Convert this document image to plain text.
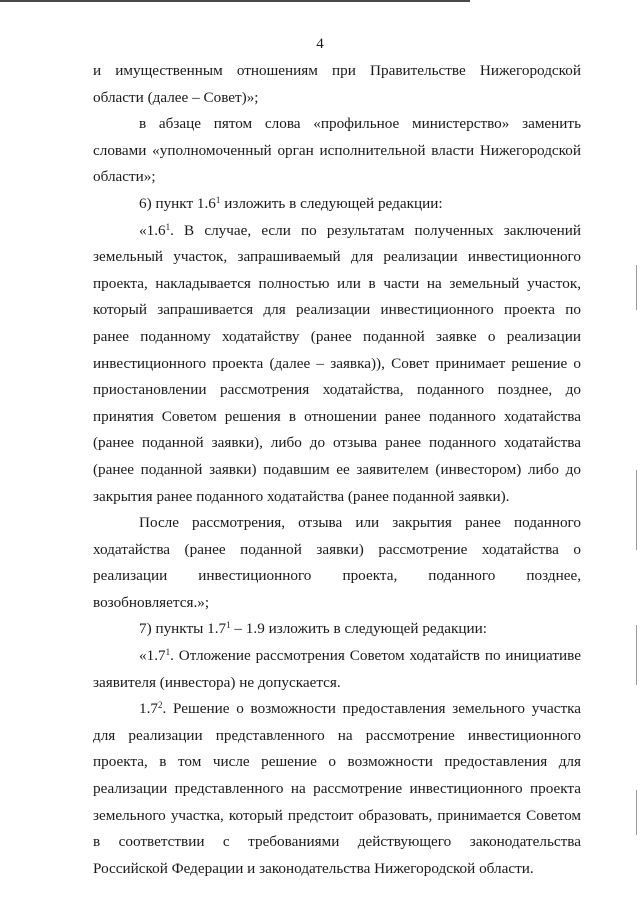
4

и имущественным отношениям при Правительстве Нижегородской области (далее – Совет)»;

в абзаце пятом слова «профильное министерство» заменить словами «уполномоченный орган исполнительной власти Нижегородской области»;

6) пункт $1.6^1$ изложить в следующей редакции:

«$1.6^1$. В случае, если по результатам полученных заключений земельный участок, запрашиваемый для реализации инвестиционного проекта, накладывается полностью или в части на земельный участок, который запрашивается для реализации инвестиционного проекта по ранее поданному ходатайству (ранее поданной заявке о реализации инвестиционного проекта (далее – заявка)), Совет принимает решение о приостановлении рассмотрения ходатайства, поданного позднее, до принятия Советом решения в отношении ранее поданного ходатайства (ранее поданной заявки), либо до отзыва ранее поданного ходатайства (ранее поданной заявки) подавшим ее заявителем (инвестором) либо до закрытия ранее поданного ходатайства (ранее поданной заявки).

После рассмотрения, отзыва или закрытия ранее поданного ходатайства (ранее поданной заявки) рассмотрение ходатайства о реализации инвестиционного проекта, поданного позднее, возобновляется.»;

7) пункты $1.7^1 - 1.9$ изложить в следующей редакции:

«$1.7^1$. Отложение рассмотрения Советом ходатайств по инициативе заявителя (инвестора) не допускается.

$1.7^2$. Решение о возможности предоставления земельного участка для реализации представленного на рассмотрение инвестиционного проекта, в том числе решение о возможности предоставления для реализации представленного на рассмотрение инвестиционного проекта земельного участка, который предстоит образовать, принимается Советом в соответствии с требованиями действующего законодательства Российской Федерации и законодательства Нижегородской области.
